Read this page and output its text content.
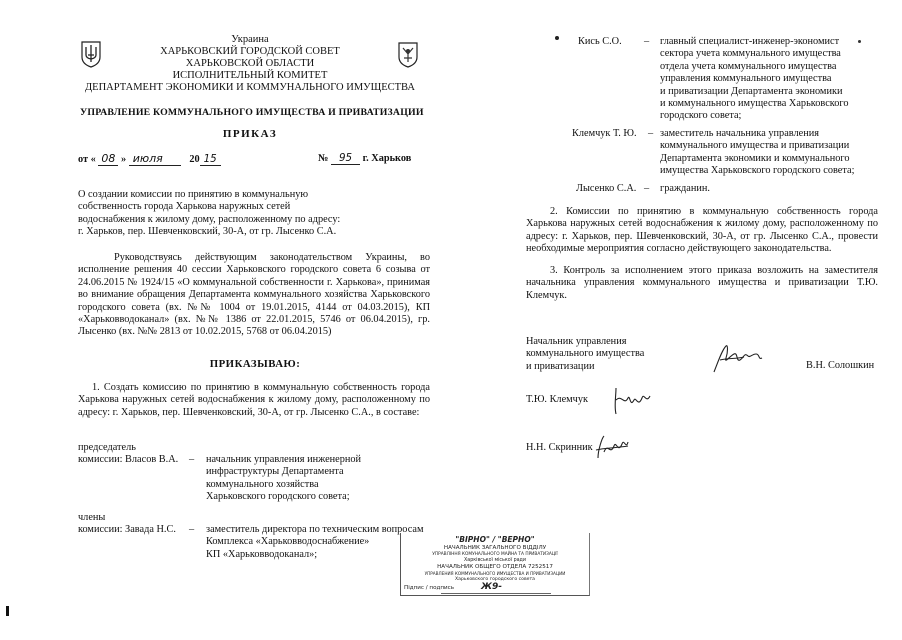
Украина
ХАРЬКОВСКИЙ ГОРОДСКОЙ СОВЕТ
ХАРЬКОВСКОЙ ОБЛАСТИ
ИСПОЛНИТЕЛЬНЫЙ КОМИТЕТ
ДЕПАРТАМЕНТ ЭКОНОМИКИ И КОММУНАЛЬНОГО ИМУЩЕСТВА
УПРАВЛЕНИЕ КОММУНАЛЬНОГО ИМУЩЕСТВА И ПРИВАТИЗАЦИИ
ПРИКАЗ
от « 08 » июля	20 15	№ 95 г. Харьков
О создании комиссии по принятию в коммунальную
собственность города Харькова наружных сетей
водоснабжения к жилому дому, расположенному по адресу:
г. Харьков, пер. Шевченковский, 30-А, от гр. Лысенко С.А.
Руководствуясь действующим законодательством Украины, во исполнение решения 40 сессии Харьковского городского совета 6 созыва от 24.06.2015 № 1924/15 «О коммунальной собственности г. Харькова», принимая во внимание обращения Департамента коммунального хозяйства Харьковского городского совета (вх. №№ 1004 от 19.01.2015, 4144 от 04.03.2015), КП «Харьковводоканал» (вх. №№ 1386 от 22.01.2015, 5746 от 06.04.2015), гр. Лысенко (вх. №№ 2813 от 10.02.2015, 5768 от 06.04.2015)
ПРИКАЗЫВАЮ:
1. Создать комиссию по принятию в коммунальную собственность города Харькова наружных сетей водоснабжения к жилому дому, расположенному по адресу: г. Харьков, пер. Шевченковский, 30-А, от гр. Лысенко С.А., в составе:
председатель
комиссии: Власов В.А. – начальник управления инженерной
инфраструктуры Департамента
коммунального хозяйства
Харьковского городского совета;
члены
комиссии: Завада Н.С. – заместитель директора по техническим вопросам
Комплекса «Харьковводоснабжение»
КП «Харьковводоканал»;
Кись С.О. – главный специалист-инженер-экономист
сектора учета коммунального имущества
отдела учета коммунального имущества
управления коммунального имущества
и приватизации Департамента экономики
и коммунального имущества Харьковского
городского совета;
Клемчук Т. Ю. – заместитель начальника управления
коммунального имущества и приватизации
Департамента экономики и коммунального
имущества Харьковского городского совета;
Лысенко С.А. – гражданин.
2. Комиссии по принятию в коммунальную собственность города Харькова наружных сетей водоснабжения к жилому дому, расположенному по адресу: г. Харьков, пер. Шевченковский, 30-А, от гр. Лысенко С.А., провести необходимые мероприятия согласно действующего законодательства.
3. Контроль за исполнением этого приказа возложить на заместителя начальника управления коммунального имущества и приватизации Т.Ю. Клемчук.
Начальник управления
коммунального имущества
и приватизации	В.Н. Солошкин
Т.Ю. Клемчук
Н.Н. Скринник
"ВІРНО" / "ВЕРНО"
НАЧАЛЬНИК ЗАГАЛЬНОГО ВІДДІЛУ
УПРАВЛІННЯ КОМУНАЛЬНОГО МАЙНА ТА ПРИВАТИЗАЦІЇ
Харківської міської ради
НАЧАЛЬНИК ОБЩЕГО ОТДЕЛА 7252517
УПРАВЛЕНИЯ КОММУНАЛЬНОГО ИМУЩЕСТВА И ПРИВАТИЗАЦИИ
Харьковского городского совета
Підпис / подпись	Ж9-
